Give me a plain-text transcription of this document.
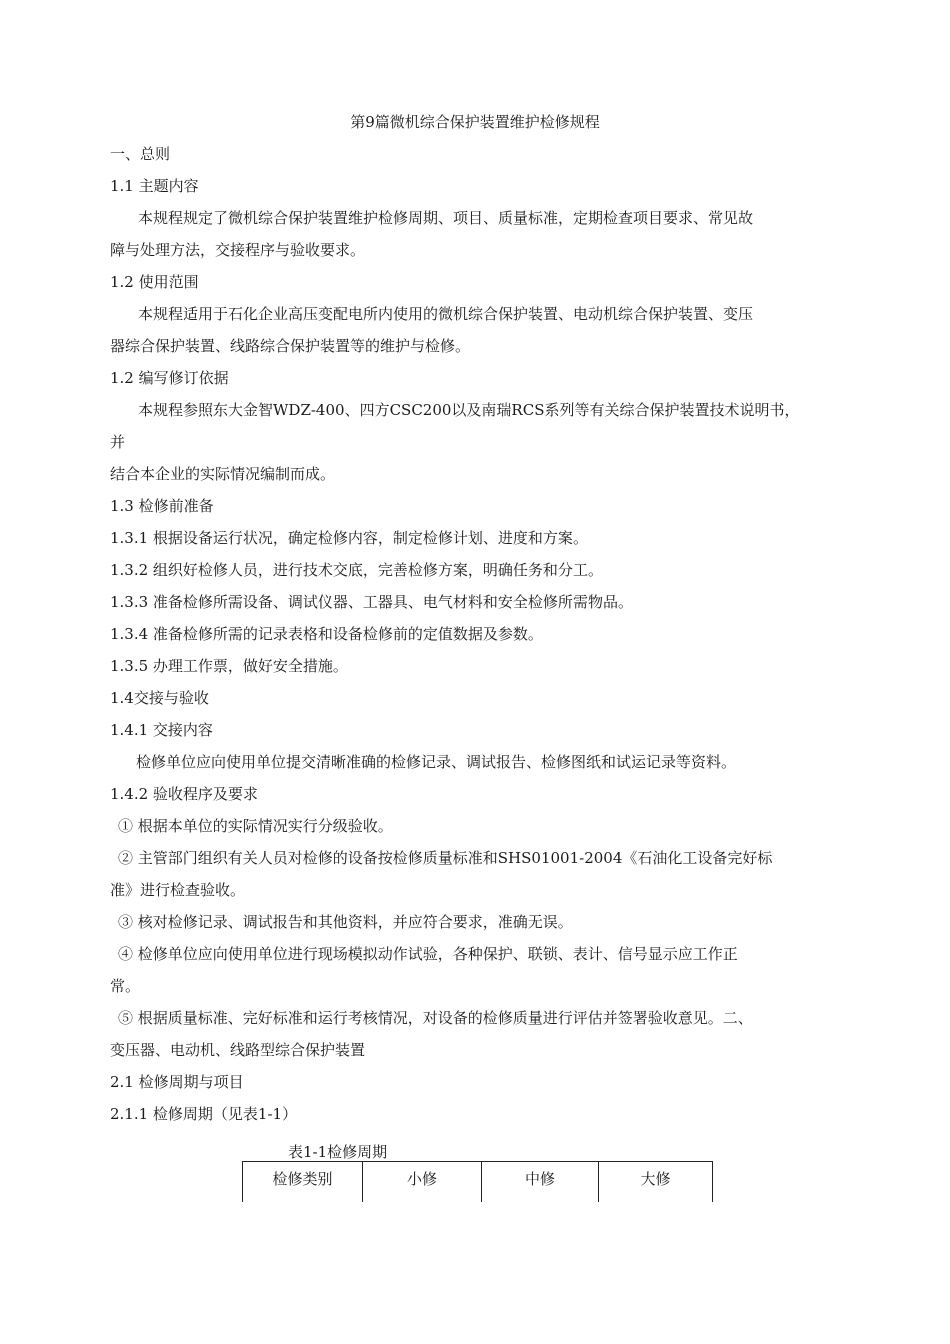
第9篇微机综合保护装置维护检修规程
一、总则
1.1 主题内容
本规程规定了微机综合保护装置维护检修周期、项目、质量标准，定期检查项目要求、常见故
障与处理方法，交接程序与验收要求。
1.2 使用范围
本规程适用于石化企业高压变配电所内使用的微机综合保护装置、电动机综合保护装置、变压
器综合保护装置、线路综合保护装置等的维护与检修。
1.2 编写修订依据
本规程参照东大金智WDZ-400、四方CSC200以及南瑞RCS系列等有关综合保护装置技术说明书，
并
结合本企业的实际情况编制而成。
1.3 检修前准备
1.3.1 根据设备运行状况，确定检修内容，制定检修计划、进度和方案。
1.3.2 组织好检修人员，进行技术交底，完善检修方案，明确任务和分工。
1.3.3 准备检修所需设备、调试仪器、工器具、电气材料和安全检修所需物品。
1.3.4 准备检修所需的记录表格和设备检修前的定值数据及参数。
1.3.5 办理工作票，做好安全措施。
1.4交接与验收
1.4.1 交接内容
检修单位应向使用单位提交清晰准确的检修记录、调试报告、检修图纸和试运记录等资料。
1.4.2 验收程序及要求
① 根据本单位的实际情况实行分级验收。
② 主管部门组织有关人员对检修的设备按检修质量标准和SHS01001-2004《石油化工设备完好标
准》进行检查验收。
③ 核对检修记录、调试报告和其他资料，并应符合要求，准确无误。
④ 检修单位应向使用单位进行现场模拟动作试验，各种保护、联锁、表计、信号显示应工作正
常。
⑤ 根据质量标准、完好标准和运行考核情况，对设备的检修质量进行评估并签署验收意见。二、
变压器、电动机、线路型综合保护装置
2.1 检修周期与项目
2.1.1 检修周期（见表1-1）
表1-1检修周期
检修类别	小修	中修	大修
